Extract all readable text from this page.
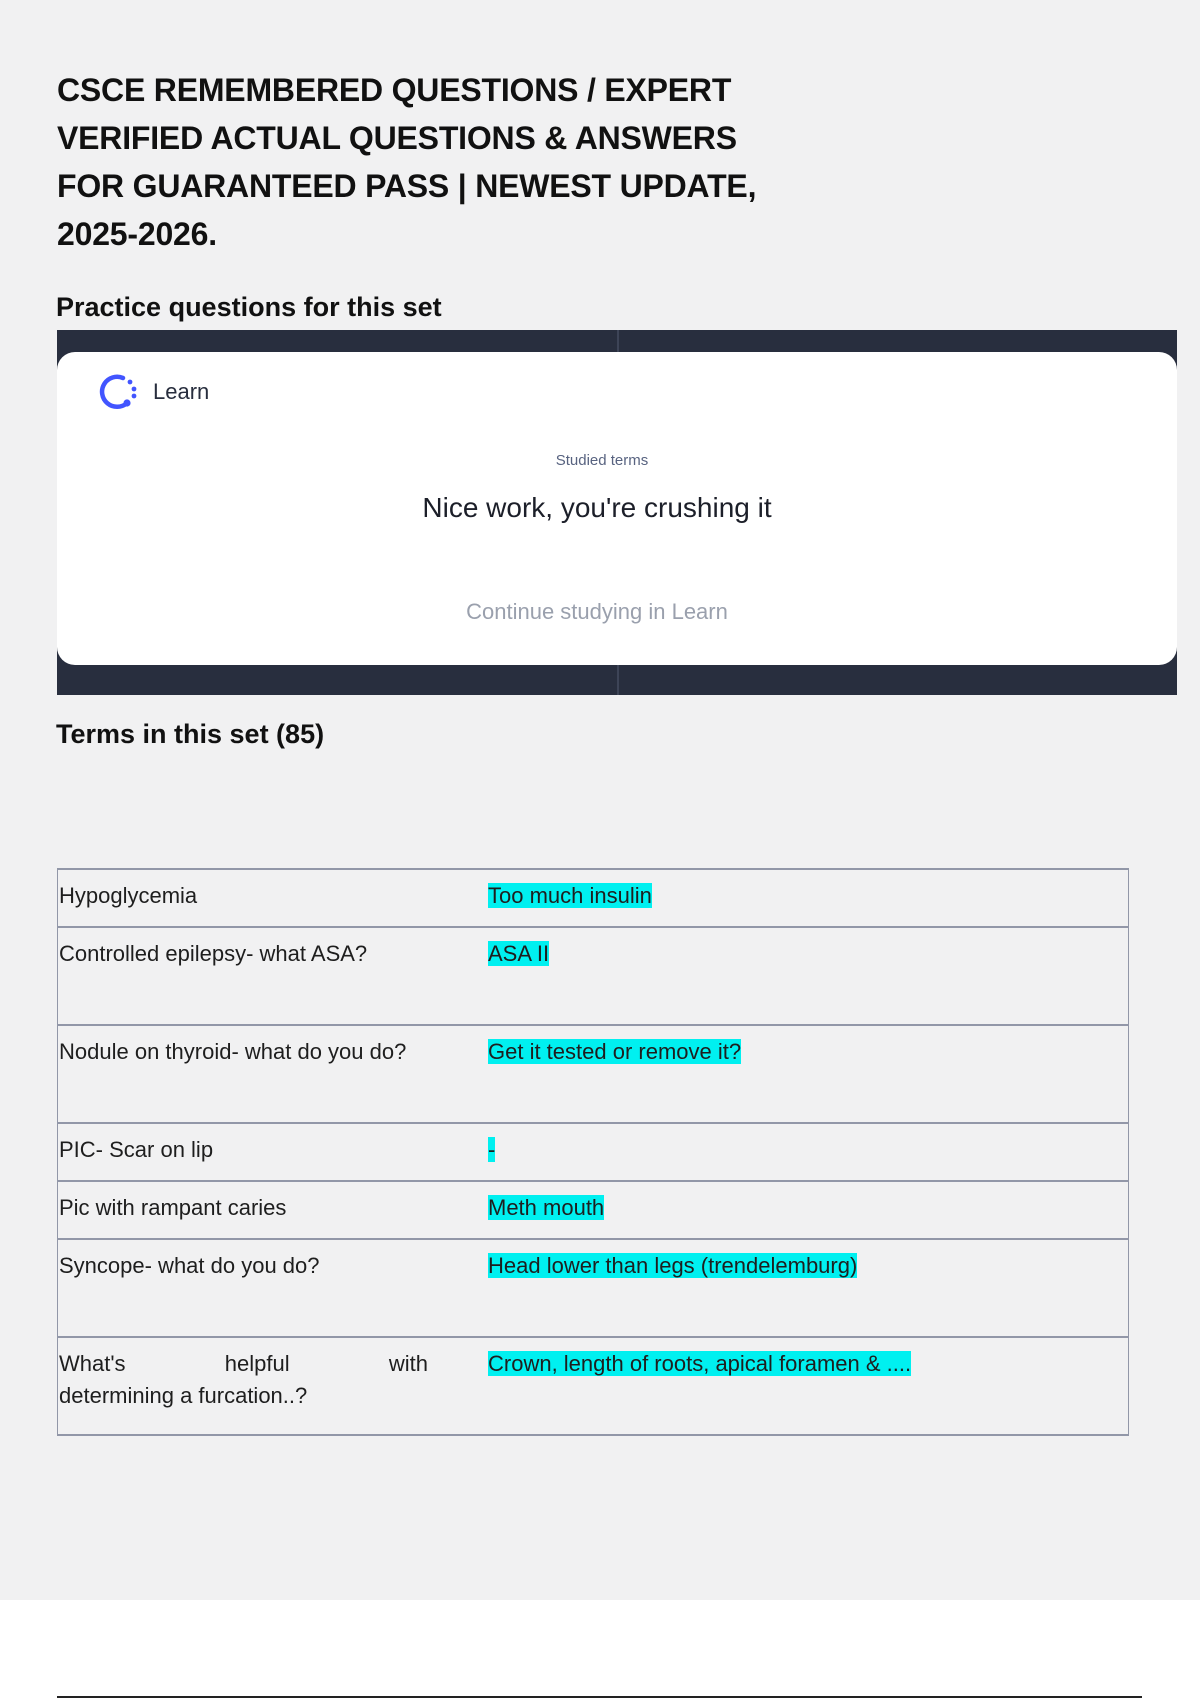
CSCE REMEMBERED QUESTIONS / EXPERT VERIFIED ACTUAL QUESTIONS & ANSWERS FOR GUARANTEED PASS | NEWEST UPDATE, 2025-2026.
Practice questions for this set
Learn
Studied terms
Nice work, you're crushing it
Continue studying in Learn
Terms in this set (85)
Hypoglycemia	Too much insulin
Controlled epilepsy- what ASA?	ASA II
Nodule on thyroid- what do you do?	Get it tested or remove it?
PIC- Scar on lip	-
Pic with rampant caries	Meth mouth
Syncope- what do you do?	Head lower than legs (trendelemburg)

What's helpful with
determining a furcation..?	Crown, length of roots, apical foramen & ....
